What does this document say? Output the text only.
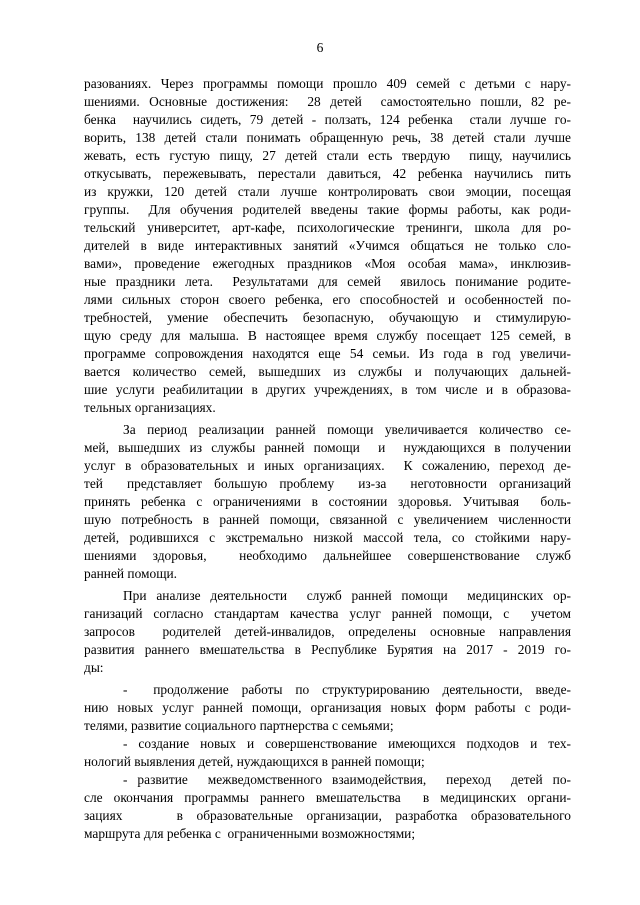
6
разованиях. Через программы помощи прошло 409 семей с детьми с нару-
шениями. Основные достижения:  28 детей  самостоятельно пошли, 82 ре-
бенка  научились сидеть, 79 детей - ползать, 124 ребенка  стали лучше го-
ворить, 138 детей стали понимать обращенную речь, 38 детей стали лучше
жевать, есть густую пищу, 27 детей стали есть твердую  пищу, научились
откусывать, пережевывать, перестали давиться, 42 ребенка научились пить
из кружки, 120 детей стали лучше контролировать свои эмоции, посещая
группы.  Для обучения родителей введены такие формы работы, как роди-
тельский университет, арт-кафе, психологические тренинги, школа для ро-
дителей в виде интерактивных занятий «Учимся общаться не только сло-
вами», проведение ежегодных праздников «Моя особая мама», инклюзив-
ные праздники лета.  Результатами для семей  явилось понимание родите-
лями сильных сторон своего ребенка, его способностей и особенностей по-
требностей, умение обеспечить безопасную, обучающую и стимулирую-
щую среду для малыша. В настоящее время службу посещает 125 семей, в
программе сопровождения находятся еще 54 семьи. Из года в год увеличи-
вается количество семей, вышедших из службы и получающих дальней-
шие услуги реабилитации в других учреждениях, в том числе и в образова-
тельных организациях.
За период реализации ранней помощи увеличивается количество се-
мей, вышедших из службы ранней помощи  и  нуждающихся в получении
услуг в образовательных и иных организациях.  К сожалению, переход де-
тей  представляет большую проблему  из-за  неготовности организаций
принять ребенка с ограничениями в состоянии здоровья. Учитывая  боль-
шую потребность в ранней помощи, связанной с увеличением численности
детей, родившихся с экстремально низкой массой тела, со стойкими нару-
шениями здоровья,  необходимо дальнейшее совершенствование служб
ранней помощи.
При анализе деятельности  служб ранней помощи  медицинских ор-
ганизаций согласно стандартам качества услуг ранней помощи, с  учетом
запросов  родителей детей-инвалидов, определены основные направления
развития раннего вмешательства в Республике Бурятия на 2017 - 2019 го-
ды:
-  продолжение работы по структурированию деятельности, введе-
нию новых услуг ранней помощи, организация новых форм работы с роди-
телями, развитие социального партнерства с семьями;
- создание новых и совершенствование имеющихся подходов и тех-
нологий выявления детей, нуждающихся в ранней помощи;
- развитие  межведомственного взаимодействия,  переход  детей по-
сле окончания программы раннего вмешательства  в медицинских органи-
зациях    в образовательные организации, разработка образовательного
маршрута для ребенка с  ограниченными возможностями;
